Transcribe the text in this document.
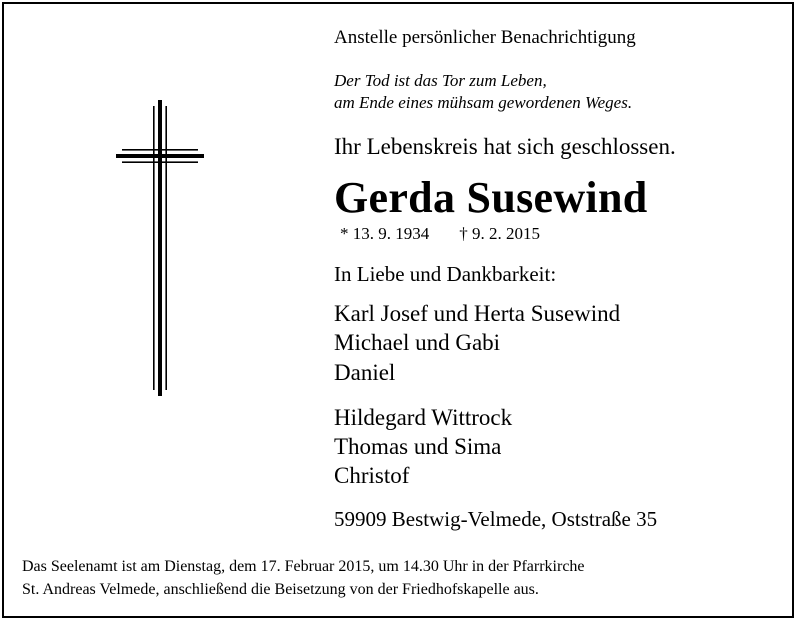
Anstelle persönlicher Benachrichtigung
Der Tod ist das Tor zum Leben,
am Ende eines mühsam gewordenen Weges.
Ihr Lebenskreis hat sich geschlossen.
Gerda Susewind
* 13. 9. 1934 † 9. 2. 2015
In Liebe und Dankbarkeit:
Karl Josef und Herta Susewind
Michael und Gabi
Daniel
Hildegard Wittrock
Thomas und Sima
Christof
59909 Bestwig-Velmede, Oststraße 35
Das Seelenamt ist am Dienstag, dem 17. Februar 2015, um 14.30 Uhr in der Pfarrkirche
St. Andreas Velmede, anschließend die Beisetzung von der Friedhofskapelle aus.
